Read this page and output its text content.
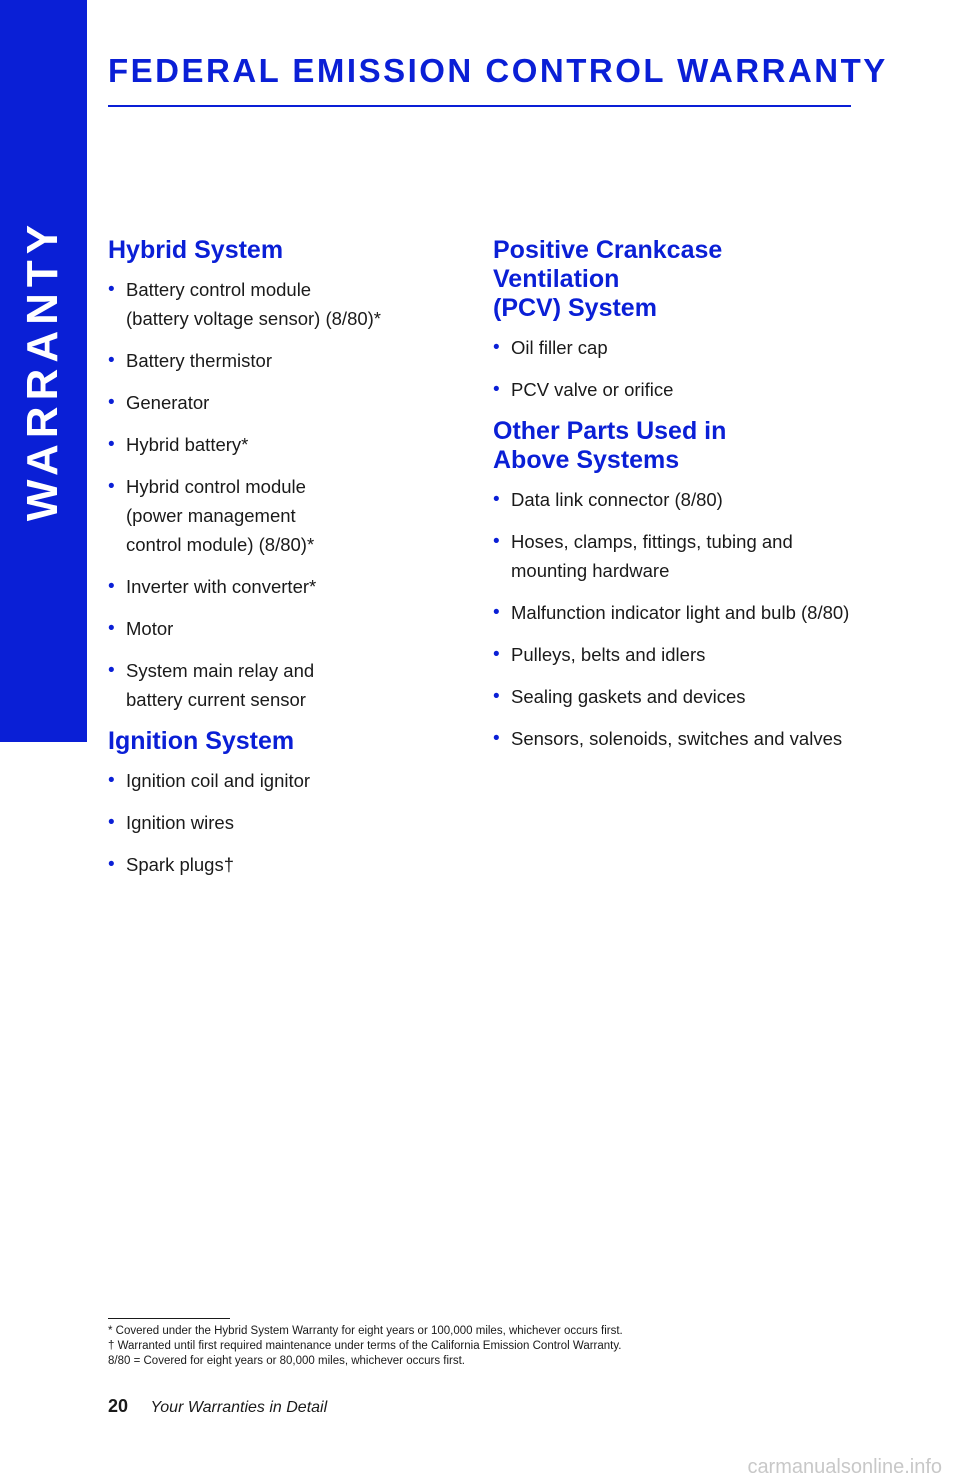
WARRANTY
FEDERAL EMISSION CONTROL WARRANTY
Hybrid System
• Battery control module
(battery voltage sensor) (8/80)*
• Battery thermistor
• Generator
• Hybrid battery*
• Hybrid control module
(power management
control module) (8/80)*
• Inverter with converter*
• Motor
• System main relay and
battery current sensor
Ignition System
• Ignition coil and ignitor
• Ignition wires
• Spark plugs†
Positive Crankcase Ventilation
(PCV) System
• Oil filler cap
• PCV valve or orifice
Other Parts Used in
Above Systems
• Data link connector (8/80)
• Hoses, clamps, fittings, tubing and
mounting hardware
• Malfunction indicator light and bulb (8/80)
• Pulleys, belts and idlers
• Sealing gaskets and devices
• Sensors, solenoids, switches and valves
* Covered under the Hybrid System Warranty for eight years or 100,000 miles, whichever occurs first.
† Warranted until first required maintenance under terms of the California Emission Control Warranty.
8/80 = Covered for eight years or 80,000 miles, whichever occurs first.
20 Your Warranties in Detail
carmanualsonline.info
